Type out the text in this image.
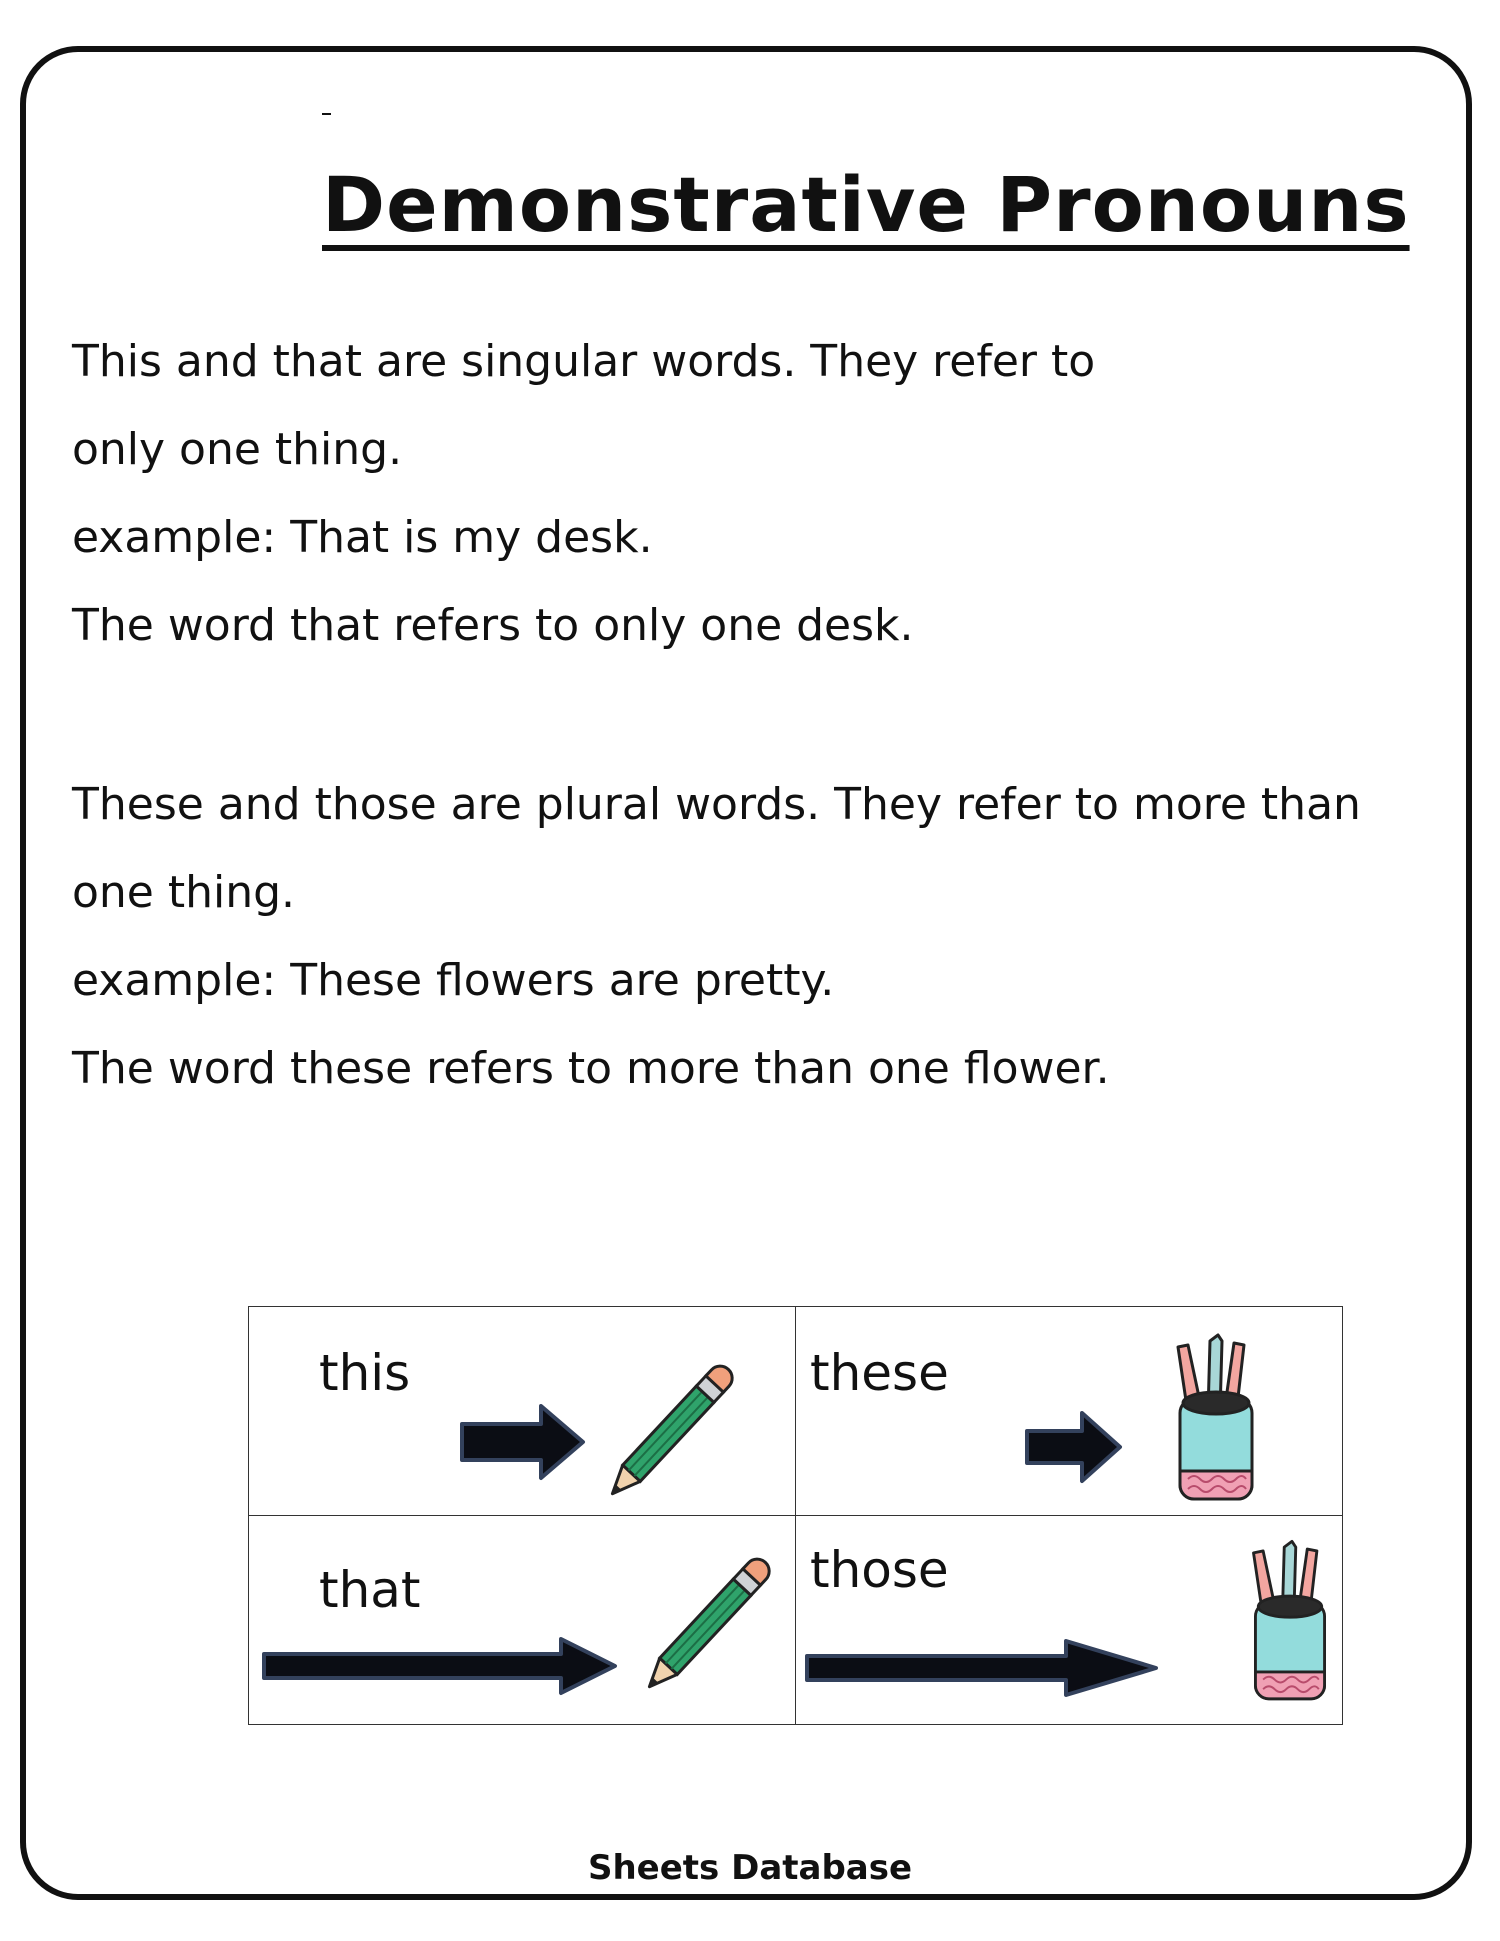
Demonstrative Pronouns

This and that are singular words. They refer to

only one thing.

example: That is my desk.

The word that refers to only one desk.

These and those are plural words. They refer to more than

one thing.

example: These flowers are pretty.

The word these refers to more than one flower.

this	these

that	those
Sheets Database
